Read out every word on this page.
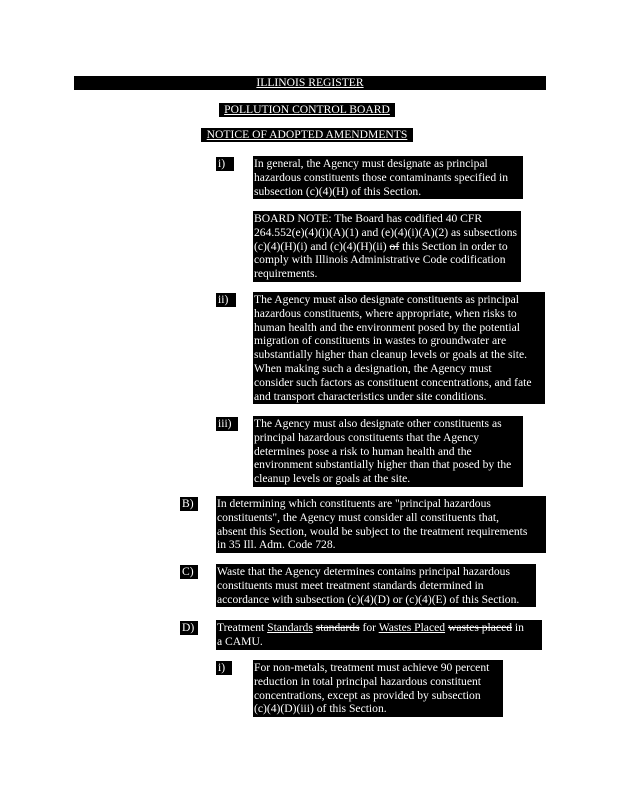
ILLINOIS REGISTER
POLLUTION CONTROL BOARD
NOTICE OF ADOPTED AMENDMENTS
i)	In general, the Agency must designate as principal
hazardous constituents those contaminants specified in
subsection (c)(4)(H) of this Section.
BOARD NOTE: The Board has codified 40 CFR
264.552(e)(4)(i)(A)(1) and (e)(4)(i)(A)(2) as subsections
(c)(4)(H)(i) and (c)(4)(H)(ii) of this Section in order to
comply with Illinois Administrative Code codification
requirements.
ii)	The Agency must also designate constituents as principal
hazardous constituents, where appropriate, when risks to
human health and the environment posed by the potential
migration of constituents in wastes to groundwater are
substantially higher than cleanup levels or goals at the site.
When making such a designation, the Agency must
consider such factors as constituent concentrations, and fate
and transport characteristics under site conditions.
iii)	The Agency must also designate other constituents as
principal hazardous constituents that the Agency
determines pose a risk to human health and the
environment substantially higher than that posed by the
cleanup levels or goals at the site.
B)	In determining which constituents are "principal hazardous
constituents", the Agency must consider all constituents that,
absent this Section, would be subject to the treatment requirements
in 35 Ill. Adm. Code 728.
C)	Waste that the Agency determines contains principal hazardous
constituents must meet treatment standards determined in
accordance with subsection (c)(4)(D) or (c)(4)(E) of this Section.
D)	Treatment Standards standards for Wastes Placed wastes placed in
a CAMU.
i)	For non-metals, treatment must achieve 90 percent
reduction in total principal hazardous constituent
concentrations, except as provided by subsection
(c)(4)(D)(iii) of this Section.
